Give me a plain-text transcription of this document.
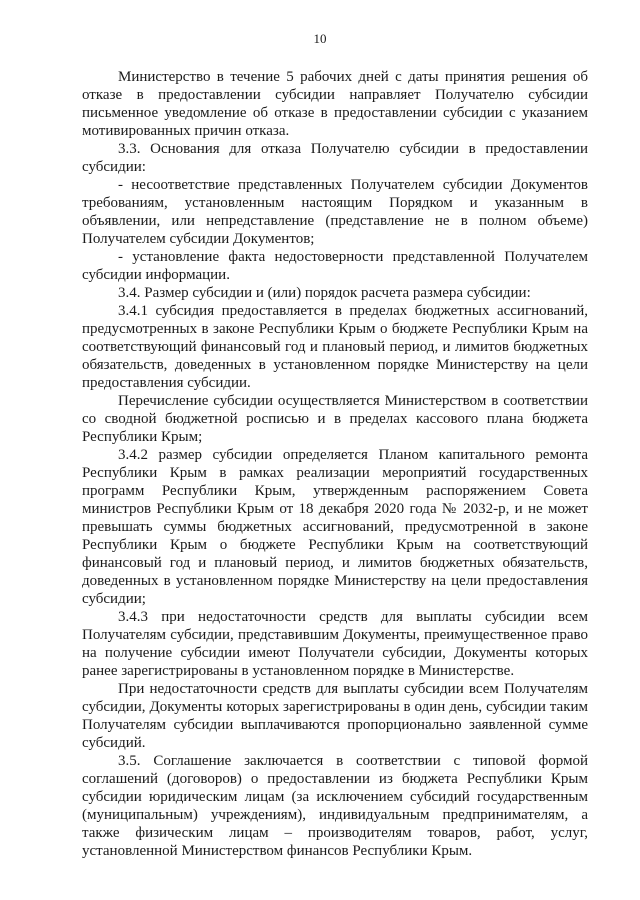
10

Министерство в течение 5 рабочих дней с даты принятия решения об отказе в предоставлении субсидии направляет Получателю субсидии письменное уведомление об отказе в предоставлении субсидии с указанием мотивированных причин отказа.

3.3. Основания для отказа Получателю субсидии в предоставлении субсидии:

- несоответствие представленных Получателем субсидии Документов требованиям, установленным настоящим Порядком и указанным в объявлении, или непредставление (представление не в полном объеме) Получателем субсидии Документов;

- установление факта недостоверности представленной Получателем субсидии информации.

3.4. Размер субсидии и (или) порядок расчета размера субсидии:

3.4.1 субсидия предоставляется в пределах бюджетных ассигнований, предусмотренных в законе Республики Крым о бюджете Республики Крым на соответствующий финансовый год и плановый период, и лимитов бюджетных обязательств, доведенных в установленном порядке Министерству на цели предоставления субсидии.

Перечисление субсидии осуществляется Министерством в соответствии со сводной бюджетной росписью и в пределах кассового плана бюджета Республики Крым;

3.4.2 размер субсидии определяется Планом капитального ремонта Республики Крым в рамках реализации мероприятий государственных программ Республики Крым, утвержденным распоряжением Совета министров Республики Крым от 18 декабря 2020 года № 2032-р, и не может превышать суммы бюджетных ассигнований, предусмотренной в законе Республики Крым о бюджете Республики Крым на соответствующий финансовый год и плановый период, и лимитов бюджетных обязательств, доведенных в установленном порядке Министерству на цели предоставления субсидии;

3.4.3 при недостаточности средств для выплаты субсидии всем Получателям субсидии, представившим Документы, преимущественное право на получение субсидии имеют Получатели субсидии, Документы которых ранее зарегистрированы в установленном порядке в Министерстве.

При недостаточности средств для выплаты субсидии всем Получателям субсидии, Документы которых зарегистрированы в один день, субсидии таким Получателям субсидии выплачиваются пропорционально заявленной сумме субсидий.

3.5. Соглашение заключается в соответствии с типовой формой соглашений (договоров) о предоставлении из бюджета Республики Крым субсидии юридическим лицам (за исключением субсидий государственным (муниципальным) учреждениям), индивидуальным предпринимателям, а также физическим лицам – производителям товаров, работ, услуг, установленной Министерством финансов Республики Крым.
